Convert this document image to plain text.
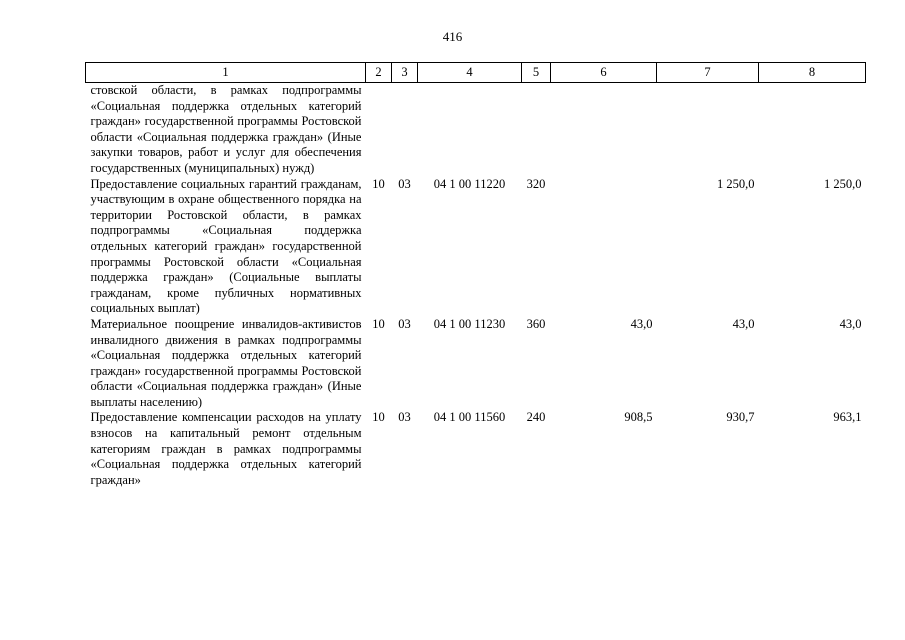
416
1	2	3	4	5	6	7	8
стовской области, в рамках подпрограммы «Социальная поддержка отдельных категорий граждан» государственной программы Ростовской области «Социальная поддержка граждан» (Иные закупки товаров, работ и услуг для обеспечения государственных (муниципальных) нужд)							
Предоставление социальных гарантий гражданам, участвующим в охране общественного порядка на территории Ростовской области, в рамках подпрограммы «Социальная поддержка отдельных категорий граждан» государственной программы Ростовской области «Социальная поддержка граждан» (Социальные выплаты гражданам, кроме публичных нормативных социальных выплат)	10	03	04 1 00 11220	320		1 250,0	1 250,0
Материальное поощрение инвалидов-активистов инвалидного движения в рамках подпрограммы «Социальная поддержка отдельных категорий граждан» государственной программы Ростовской области «Социальная поддержка граждан» (Иные выплаты населению)	10	03	04 1 00 11230	360	43,0	43,0	43,0
Предоставление компенсации расходов на уплату взносов на капитальный ремонт отдельным категориям граждан в рамках подпрограммы «Социальная поддержка отдельных категорий граждан»	10	03	04 1 00 11560	240	908,5	930,7	963,1
